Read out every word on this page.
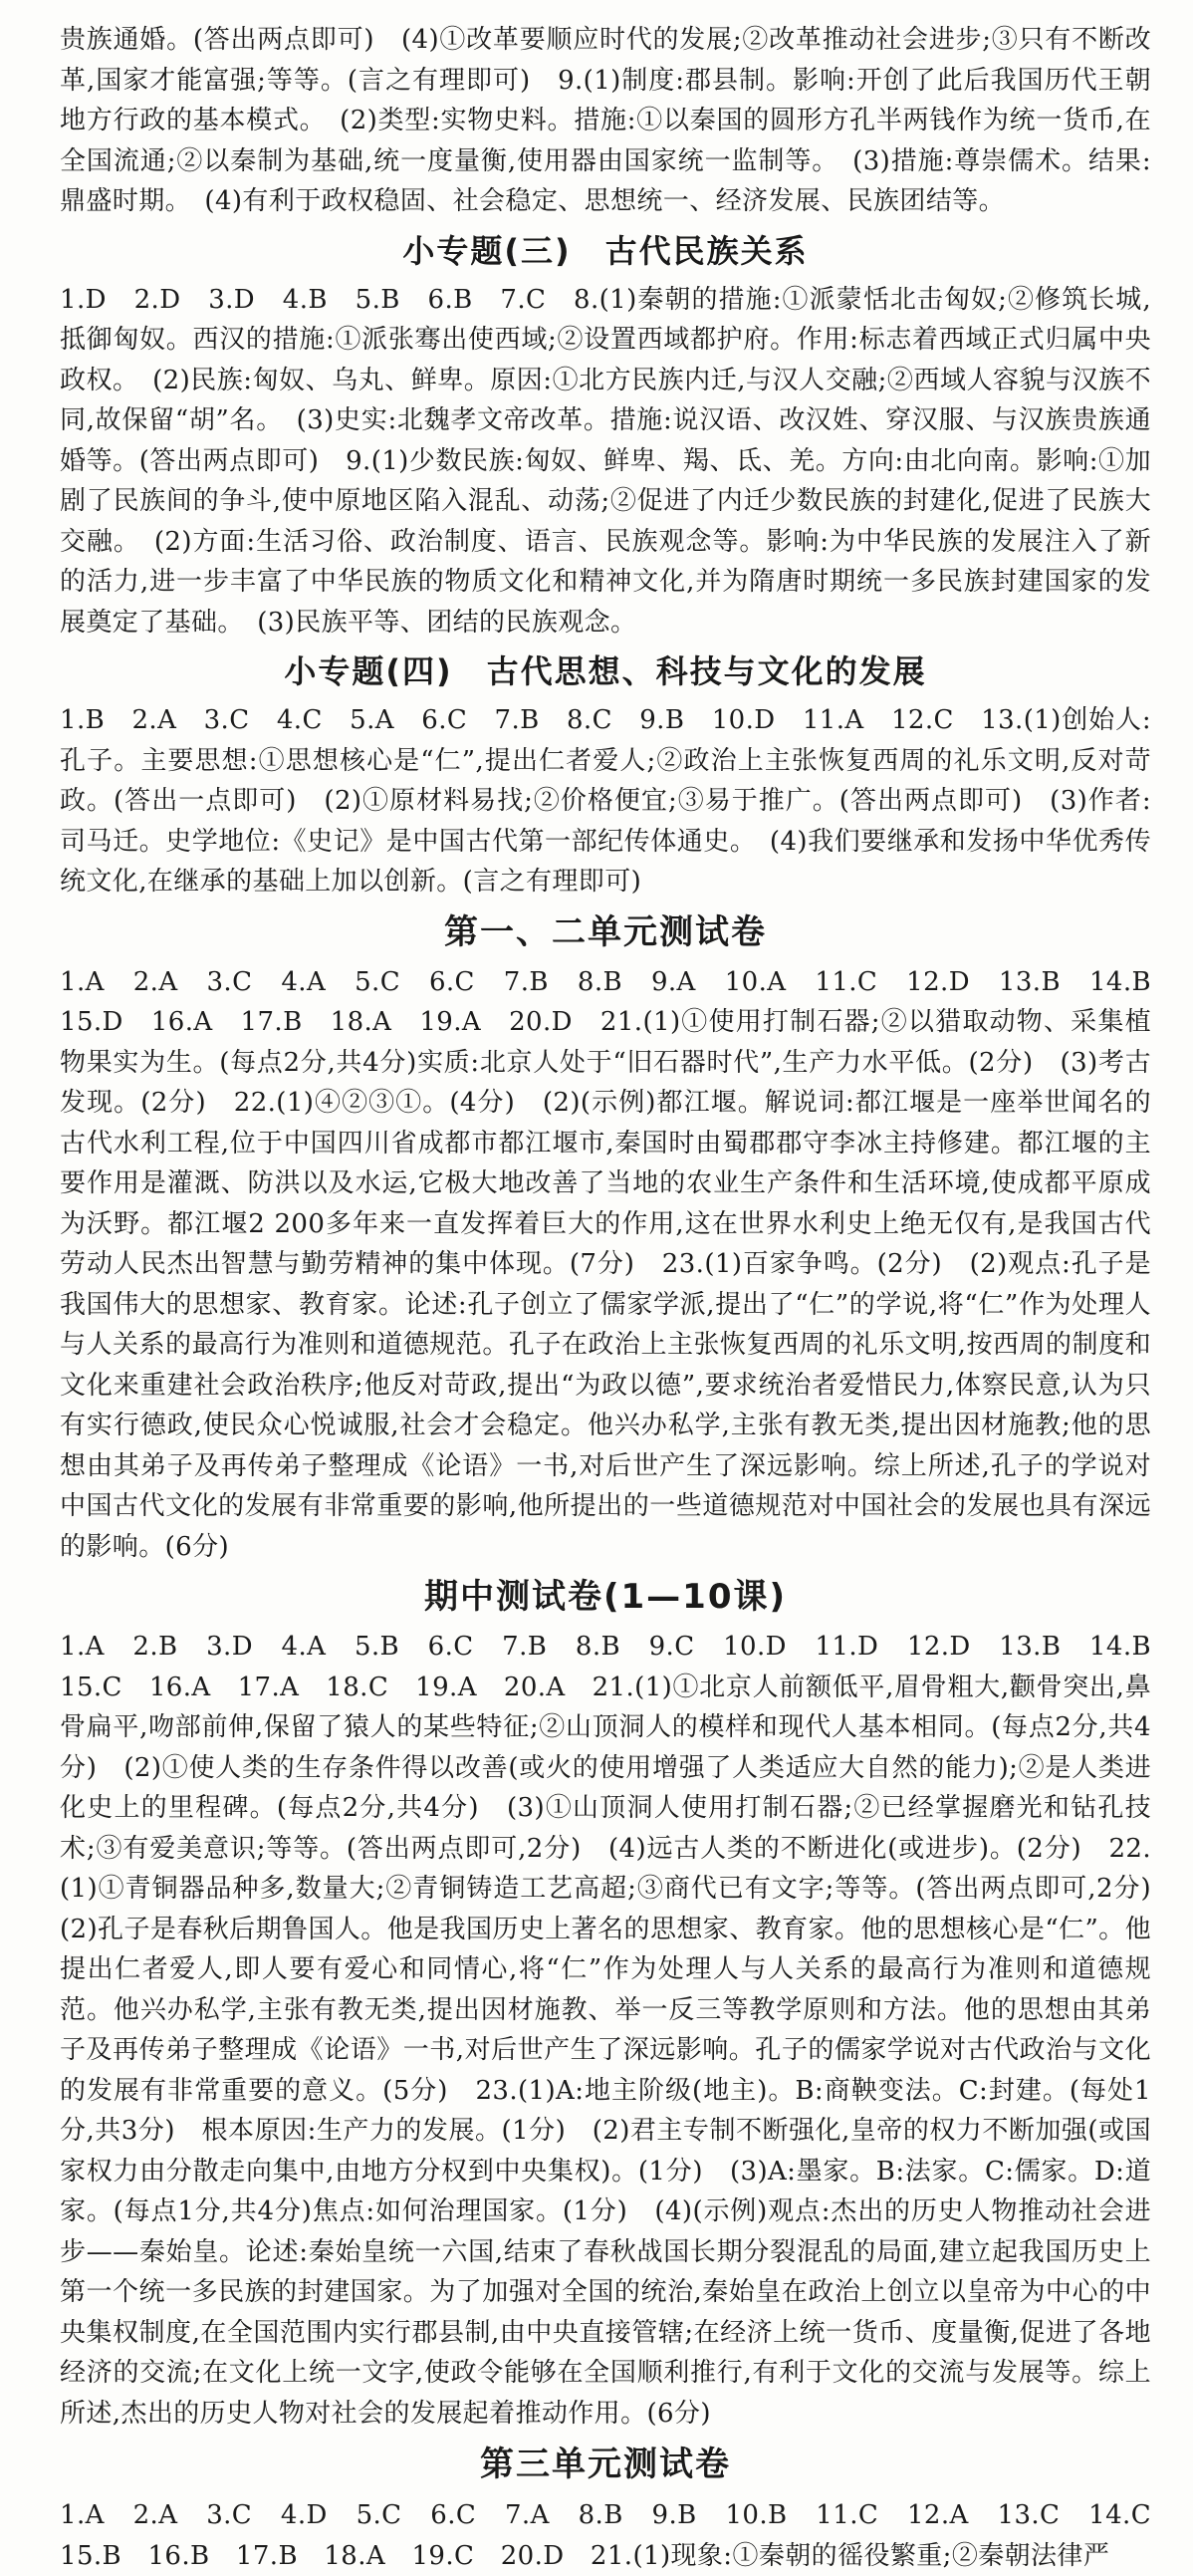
贵族通婚。(答出两点即可)　(4)①改革要顺应时代的发展;②改革推动社会进步;③只有不断改革,国家才能富强;等等。(言之有理即可)　9.(1)制度:郡县制。影响:开创了此后我国历代王朝地方行政的基本模式。　(2)类型:实物史料。措施:①以秦国的圆形方孔半两钱作为统一货币,在全国流通;②以秦制为基础,统一度量衡,使用器由国家统一监制等。　(3)措施:尊崇儒术。结果:鼎盛时期。　(4)有利于政权稳固、社会稳定、思想统一、经济发展、民族团结等。

小专题(三)　古代民族关系

1.D　2.D　3.D　4.B　5.B　6.B　7.C　8.(1)秦朝的措施:①派蒙恬北击匈奴;②修筑长城,抵御匈奴。西汉的措施:①派张骞出使西域;②设置西域都护府。作用:标志着西域正式归属中央政权。　(2)民族:匈奴、乌丸、鲜卑。原因:①北方民族内迁,与汉人交融;②西域人容貌与汉族不同,故保留“胡”名。　(3)史实:北魏孝文帝改革。措施:说汉语、改汉姓、穿汉服、与汉族贵族通婚等。(答出两点即可)　9.(1)少数民族:匈奴、鲜卑、羯、氐、羌。方向:由北向南。影响:①加剧了民族间的争斗,使中原地区陷入混乱、动荡;②促进了内迁少数民族的封建化,促进了民族大交融。　(2)方面:生活习俗、政治制度、语言、民族观念等。影响:为中华民族的发展注入了新的活力,进一步丰富了中华民族的物质文化和精神文化,并为隋唐时期统一多民族封建国家的发展奠定了基础。　(3)民族平等、团结的民族观念。

小专题(四)　古代思想、科技与文化的发展

1.B　2.A　3.C　4.C　5.A　6.C　7.B　8.C　9.B　10.D　11.A　12.C　13.(1)创始人:孔子。主要思想:①思想核心是“仁”,提出仁者爱人;②政治上主张恢复西周的礼乐文明,反对苛政。(答出一点即可)　(2)①原材料易找;②价格便宜;③易于推广。(答出两点即可)　(3)作者:司马迁。史学地位:《史记》是中国古代第一部纪传体通史。　(4)我们要继承和发扬中华优秀传统文化,在继承的基础上加以创新。(言之有理即可)

第一、二单元测试卷

1.A　2.A　3.C　4.A　5.C　6.C　7.B　8.B　9.A　10.A　11.C　12.D　13.B　14.B　15.D　16.A　17.B　18.A　19.A　20.D　21.(1)①使用打制石器;②以猎取动物、采集植物果实为生。(每点2分,共4分)实质:北京人处于“旧石器时代”,生产力水平低。(2分)　(3)考古发现。(2分)　22.(1)④②③①。(4分)　(2)(示例)都江堰。解说词:都江堰是一座举世闻名的古代水利工程,位于中国四川省成都市都江堰市,秦国时由蜀郡郡守李冰主持修建。都江堰的主要作用是灌溉、防洪以及水运,它极大地改善了当地的农业生产条件和生活环境,使成都平原成为沃野。都江堰2 200多年来一直发挥着巨大的作用,这在世界水利史上绝无仅有,是我国古代劳动人民杰出智慧与勤劳精神的集中体现。(7分)　23.(1)百家争鸣。(2分)　(2)观点:孔子是我国伟大的思想家、教育家。论述:孔子创立了儒家学派,提出了“仁”的学说,将“仁”作为处理人与人关系的最高行为准则和道德规范。孔子在政治上主张恢复西周的礼乐文明,按西周的制度和文化来重建社会政治秩序;他反对苛政,提出“为政以德”,要求统治者爱惜民力,体察民意,认为只有实行德政,使民众心悦诚服,社会才会稳定。他兴办私学,主张有教无类,提出因材施教;他的思想由其弟子及再传弟子整理成《论语》一书,对后世产生了深远影响。综上所述,孔子的学说对中国古代文化的发展有非常重要的影响,他所提出的一些道德规范对中国社会的发展也具有深远的影响。(6分)

期中测试卷(1—10课)

1.A　2.B　3.D　4.A　5.B　6.C　7.B　8.B　9.C　10.D　11.D　12.D　13.B　14.B　15.C　16.A　17.A　18.C　19.A　20.A　21.(1)①北京人前额低平,眉骨粗大,颧骨突出,鼻骨扁平,吻部前伸,保留了猿人的某些特征;②山顶洞人的模样和现代人基本相同。(每点2分,共4分)　(2)①使人类的生存条件得以改善(或火的使用增强了人类适应大自然的能力);②是人类进化史上的里程碑。(每点2分,共4分)　(3)①山顶洞人使用打制石器;②已经掌握磨光和钻孔技术;③有爱美意识;等等。(答出两点即可,2分)　(4)远古人类的不断进化(或进步)。(2分)　22.(1)①青铜器品种多,数量大;②青铜铸造工艺高超;③商代已有文字;等等。(答出两点即可,2分)　(2)孔子是春秋后期鲁国人。他是我国历史上著名的思想家、教育家。他的思想核心是“仁”。他提出仁者爱人,即人要有爱心和同情心,将“仁”作为处理人与人关系的最高行为准则和道德规范。他兴办私学,主张有教无类,提出因材施教、举一反三等教学原则和方法。他的思想由其弟子及再传弟子整理成《论语》一书,对后世产生了深远影响。孔子的儒家学说对古代政治与文化的发展有非常重要的意义。(5分)　23.(1)A:地主阶级(地主)。B:商鞅变法。C:封建。(每处1分,共3分)　根本原因:生产力的发展。(1分)　(2)君主专制不断强化,皇帝的权力不断加强(或国家权力由分散走向集中,由地方分权到中央集权)。(1分)　(3)A:墨家。B:法家。C:儒家。D:道家。(每点1分,共4分)焦点:如何治理国家。(1分)　(4)(示例)观点:杰出的历史人物推动社会进步——秦始皇。论述:秦始皇统一六国,结束了春秋战国长期分裂混乱的局面,建立起我国历史上第一个统一多民族的封建国家。为了加强对全国的统治,秦始皇在政治上创立以皇帝为中心的中央集权制度,在全国范围内实行郡县制,由中央直接管辖;在经济上统一货币、度量衡,促进了各地经济的交流;在文化上统一文字,使政令能够在全国顺利推行,有利于文化的交流与发展等。综上所述,杰出的历史人物对社会的发展起着推动作用。(6分)

第三单元测试卷

1.A　2.A　3.C　4.D　5.C　6.C　7.A　8.B　9.B　10.B　11.C　12.A　13.C　14.C　15.B　16.B　17.B　18.A　19.C　20.D　21.(1)现象:①秦朝的徭役繁重;②秦朝法律严
